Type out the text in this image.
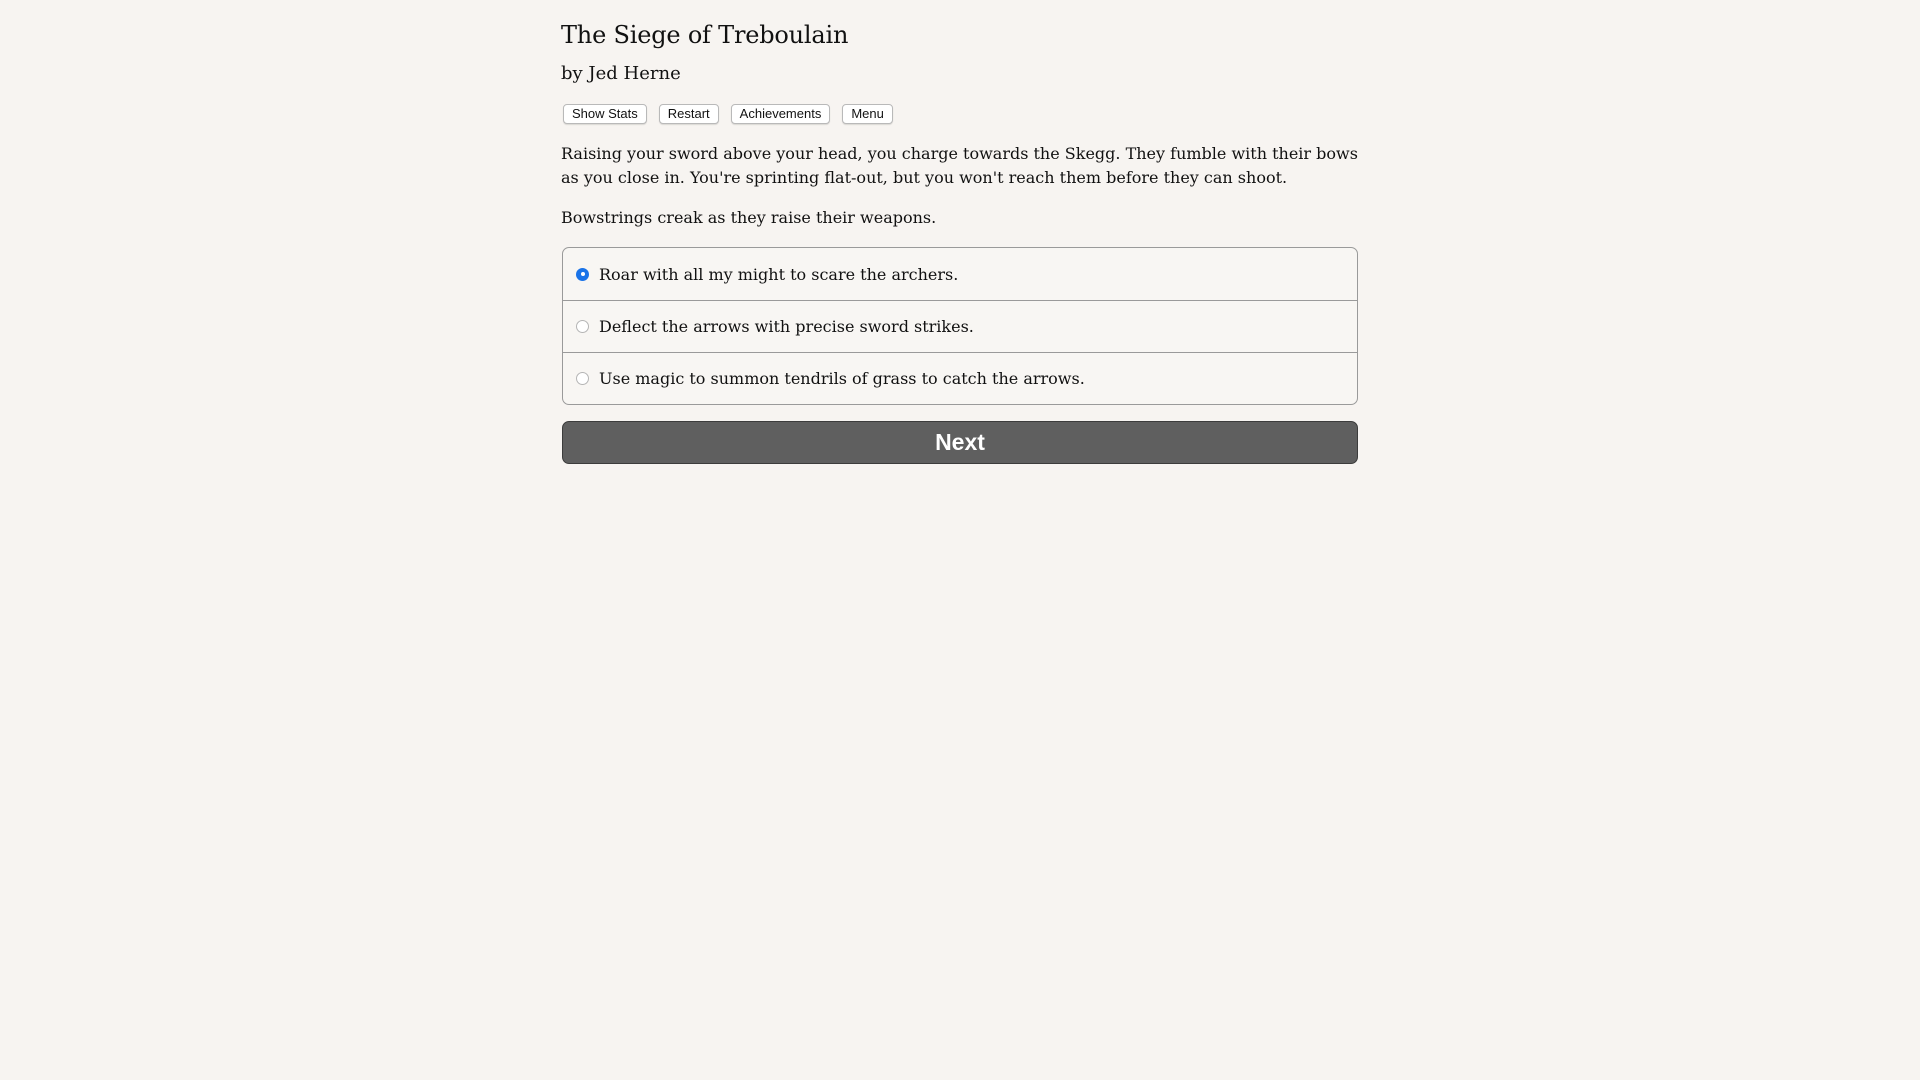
The Siege of Treboulain
by Jed Herne
Show Stats	Restart	Achievements	Menu

Raising your sword above your head, you charge towards the Skegg. They fumble with their bows as you close in. You're sprinting flat-out, but you won't reach them before they can shoot.

Bowstrings creak as they raise their weapons.

Roar with all my might to scare the archers.
Deflect the arrows with precise sword strikes.
Use magic to summon tendrils of grass to catch the arrows.
Next
